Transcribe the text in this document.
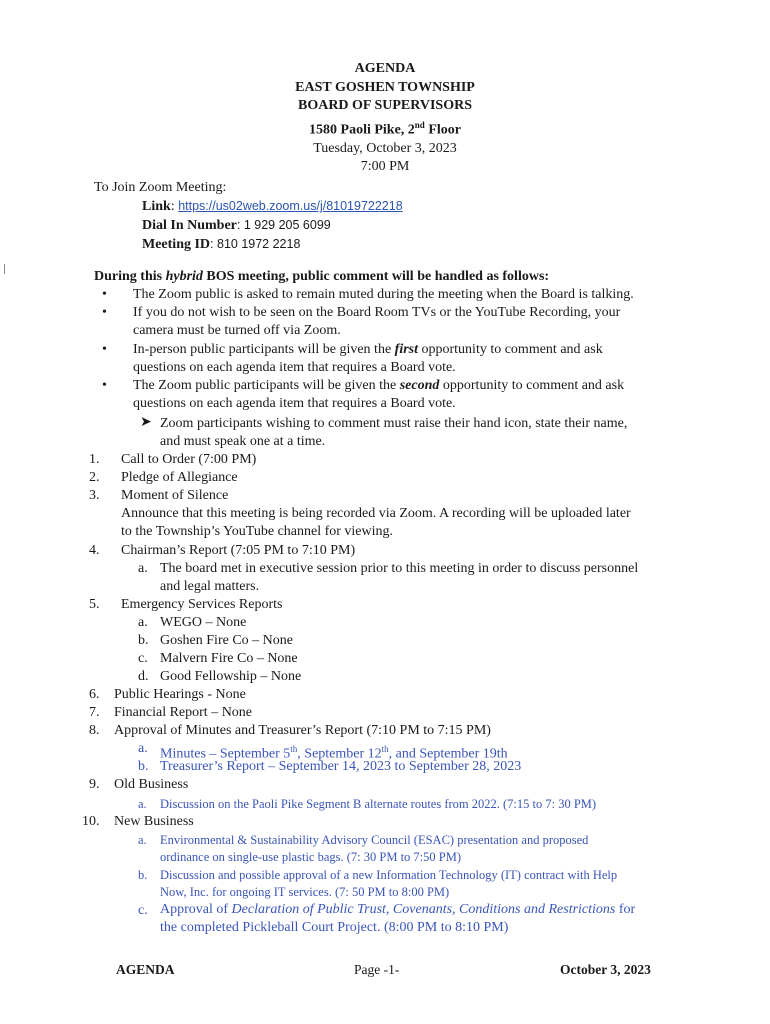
AGENDA
EAST GOSHEN TOWNSHIP
BOARD OF SUPERVISORS
1580 Paoli Pike, 2nd Floor
Tuesday, October 3, 2023
7:00 PM
To Join Zoom Meeting:
Link: https://us02web.zoom.us/j/81019722218
Dial In Number: 1 929 205 6099
Meeting ID: 810 1972 2218
During this hybrid BOS meeting, public comment will be handled as follows:
• The Zoom public is asked to remain muted during the meeting when the Board is talking.
• If you do not wish to be seen on the Board Room TVs or the YouTube Recording, your
camera must be turned off via Zoom.
• In-person public participants will be given the first opportunity to comment and ask
questions on each agenda item that requires a Board vote.
• The Zoom public participants will be given the second opportunity to comment and ask
questions on each agenda item that requires a Board vote.
➤ Zoom participants wishing to comment must raise their hand icon, state their name,
and must speak one at a time.
1. Call to Order (7:00 PM)
2. Pledge of Allegiance
3. Moment of Silence
Announce that this meeting is being recorded via Zoom. A recording will be uploaded later
to the Township’s YouTube channel for viewing.
4. Chairman’s Report (7:05 PM to 7:10 PM)
a. The board met in executive session prior to this meeting in order to discuss personnel
and legal matters.
5. Emergency Services Reports
a. WEGO – None
b. Goshen Fire Co – None
c. Malvern Fire Co – None
d. Good Fellowship – None
6. Public Hearings - None
7. Financial Report – None
8. Approval of Minutes and Treasurer’s Report (7:10 PM to 7:15 PM)
a. Minutes – September 5th, September 12th, and September 19th
b. Treasurer’s Report – September 14, 2023 to September 28, 2023
9. Old Business
a. Discussion on the Paoli Pike Segment B alternate routes from 2022. (7:15 to 7: 30 PM)
10. New Business
a. Environmental & Sustainability Advisory Council (ESAC) presentation and proposed
ordinance on single-use plastic bags. (7: 30 PM to 7:50 PM)
b. Discussion and possible approval of a new Information Technology (IT) contract with Help
Now, Inc. for ongoing IT services. (7: 50 PM to 8:00 PM)
c. Approval of Declaration of Public Trust, Covenants, Conditions and Restrictions for
the completed Pickleball Court Project. (8:00 PM to 8:10 PM)
AGENDA	Page -1-	October 3, 2023
